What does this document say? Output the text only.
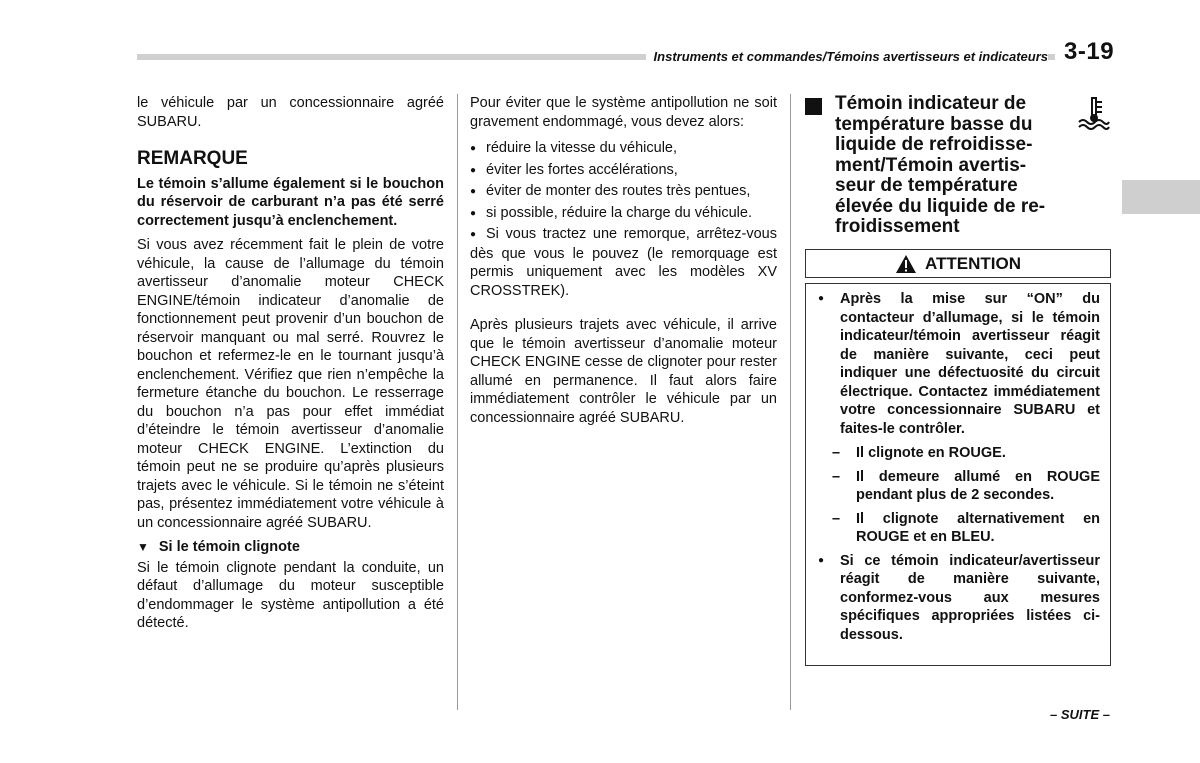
Instruments et commandes/Témoins avertisseurs et indicateurs 3-19

le véhicule par un concessionnaire agréé SUBARU.

REMARQUE

Le témoin s’allume également si le bouchon du réservoir de carburant n’a pas été serré correctement jusqu’à enclenchement.

Si vous avez récemment fait le plein de votre véhicule, la cause de l’allumage du témoin avertisseur d’anomalie moteur CHECK ENGINE/témoin indicateur d’anomalie de fonctionnement peut provenir d’un bouchon de réservoir manquant ou mal serré. Rouvrez le bouchon et refermez-le en le tournant jusqu’à enclenchement. Vérifiez que rien n’empêche la fermeture étanche du bouchon. Le resserrage du bouchon n’a pas pour effet immédiat d’éteindre le témoin avertisseur d’anomalie moteur CHECK ENGINE. L’extinction du témoin peut ne se produire qu’après plusieurs trajets avec le véhicule. Si le témoin ne s’éteint pas, présentez immédiatement votre véhicule à un concessionnaire agréé SUBARU.

▼ Si le témoin clignote

Si le témoin clignote pendant la conduite, un défaut d’allumage du moteur susceptible d’endommager le système antipollution a été détecté.

Pour éviter que le système antipollution ne soit gravement endommagé, vous devez alors:

● réduire la vitesse du véhicule,
● éviter les fortes accélérations,
● éviter de monter des routes très pentues,
● si possible, réduire la charge du véhicule.
● Si vous tractez une remorque, arrêtez-vous dès que vous le pouvez (le remorquage est permis uniquement avec les modèles XV CROSSTREK).

Après plusieurs trajets avec véhicule, il arrive que le témoin avertisseur d’anomalie moteur CHECK ENGINE cesse de clignoter pour rester allumé en permanence. Il faut alors faire immédiatement contrôler le véhicule par un concessionnaire agréé SUBARU.

Témoin indicateur de
température basse du
liquide de refroidisse-
ment/Témoin avertis-
seur de température
élevée du liquide de re-
froidissement
ATTENTION
●	Après la mise sur “ON” du contacteur d’allumage, si le témoin indicateur/témoin avertisseur réagit de manière suivante, ceci peut indiquer une défectuosité du circuit électrique. Contactez immédiatement votre concessionnaire SUBARU et faites-le contrôler.
– Il clignote en ROUGE.
– Il demeure allumé en ROUGE pendant plus de 2 secondes.
– Il clignote alternativement en ROUGE et en BLEU.
●	Si ce témoin indicateur/avertisseur réagit de manière suivante, conformez-vous aux mesures spécifiques appropriées listées ci-dessous.
– SUITE –
